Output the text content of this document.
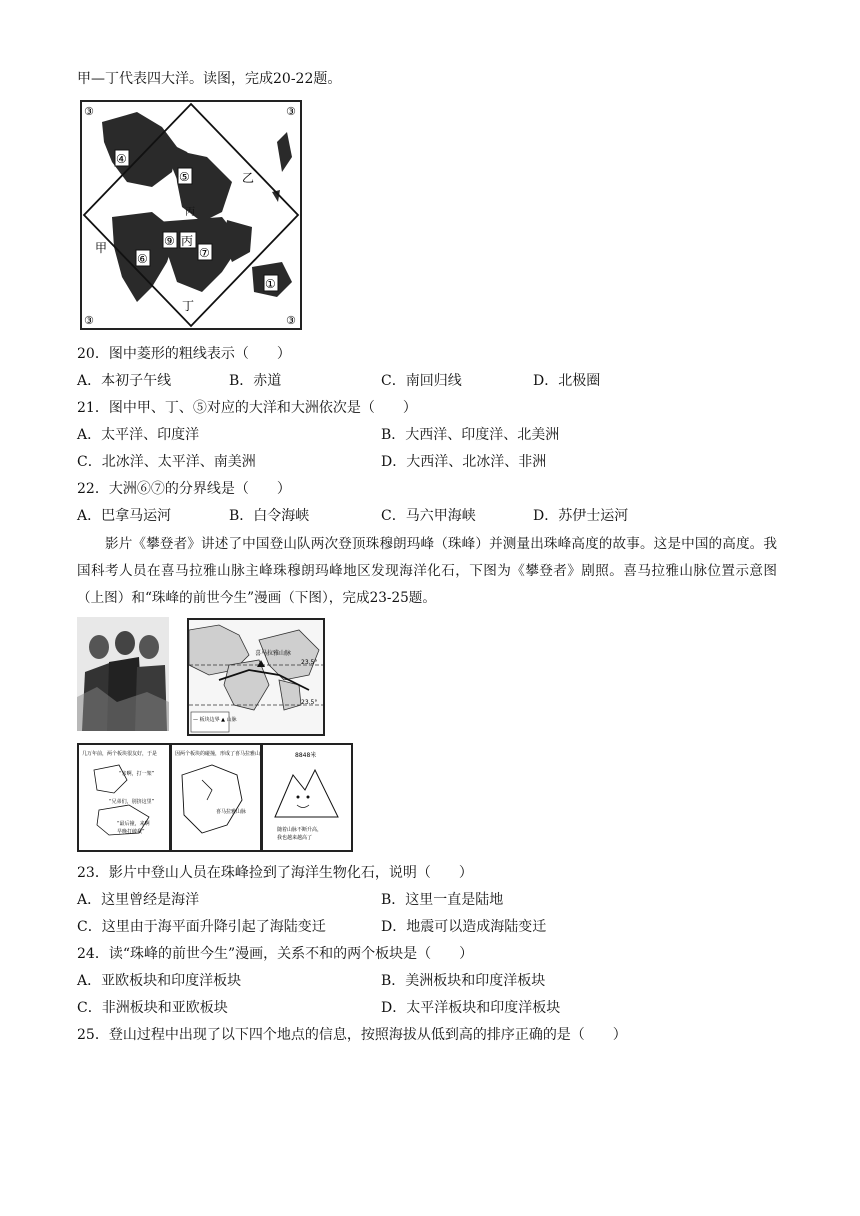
甲—丁代表四大洋。读图，完成20-22题。
③	③
③	③
④
⑤
⑥
⑨ 丙
⑦
①
丙
乙
甲
丁
20．图中菱形的粗线表示（　　）
A．本初子午线	B．赤道	C．南回归线	D．北极圈
21．图中甲、丁、⑤对应的大洋和大洲依次是（　　）
A．太平洋、印度洋	B．大西洋、印度洋、北美洲
C．北冰洋、太平洋、南美洲	D．大西洋、北冰洋、非洲
22．大洲⑥⑦的分界线是（　　）
A．巴拿马运河	B．白令海峡	C．马六甲海峡	D．苏伊士运河
影片《攀登者》讲述了中国登山队两次登顶珠穆朗玛峰（珠峰）并测量出珠峰高度的故事。这是中国的高度。我国科考人员在喜马拉雅山脉主峰珠穆朗玛峰地区发现海洋化石，下图为《攀登者》剧照。喜马拉雅山脉位置示意图（上图）和“珠峰的前世今生”漫画（下图），完成23-25题。
喜马拉雅山脉
23.5°
23.5°
— 板块边界 ▲ 山脉
几万年前，两个板块很友好，于是
“亲啊，打一架”
“兄弟们，别挤这里”
“最后撞，来啊
早晚打破我”
因两个板块的碰撞，形成了喜马拉雅山
喜马拉雅山脉
8848米
随着山脉不断升高，
我也越来越高了
23．影片中登山人员在珠峰捡到了海洋生物化石，说明（　　）
A．这里曾经是海洋	B．这里一直是陆地
C．这里由于海平面升降引起了海陆变迁	D．地震可以造成海陆变迁
24．读“珠峰的前世今生”漫画，关系不和的两个板块是（　　）
A．亚欧板块和印度洋板块	B．美洲板块和印度洋板块
C．非洲板块和亚欧板块	D．太平洋板块和印度洋板块
25．登山过程中出现了以下四个地点的信息，按照海拔从低到高的排序正确的是（　　）
